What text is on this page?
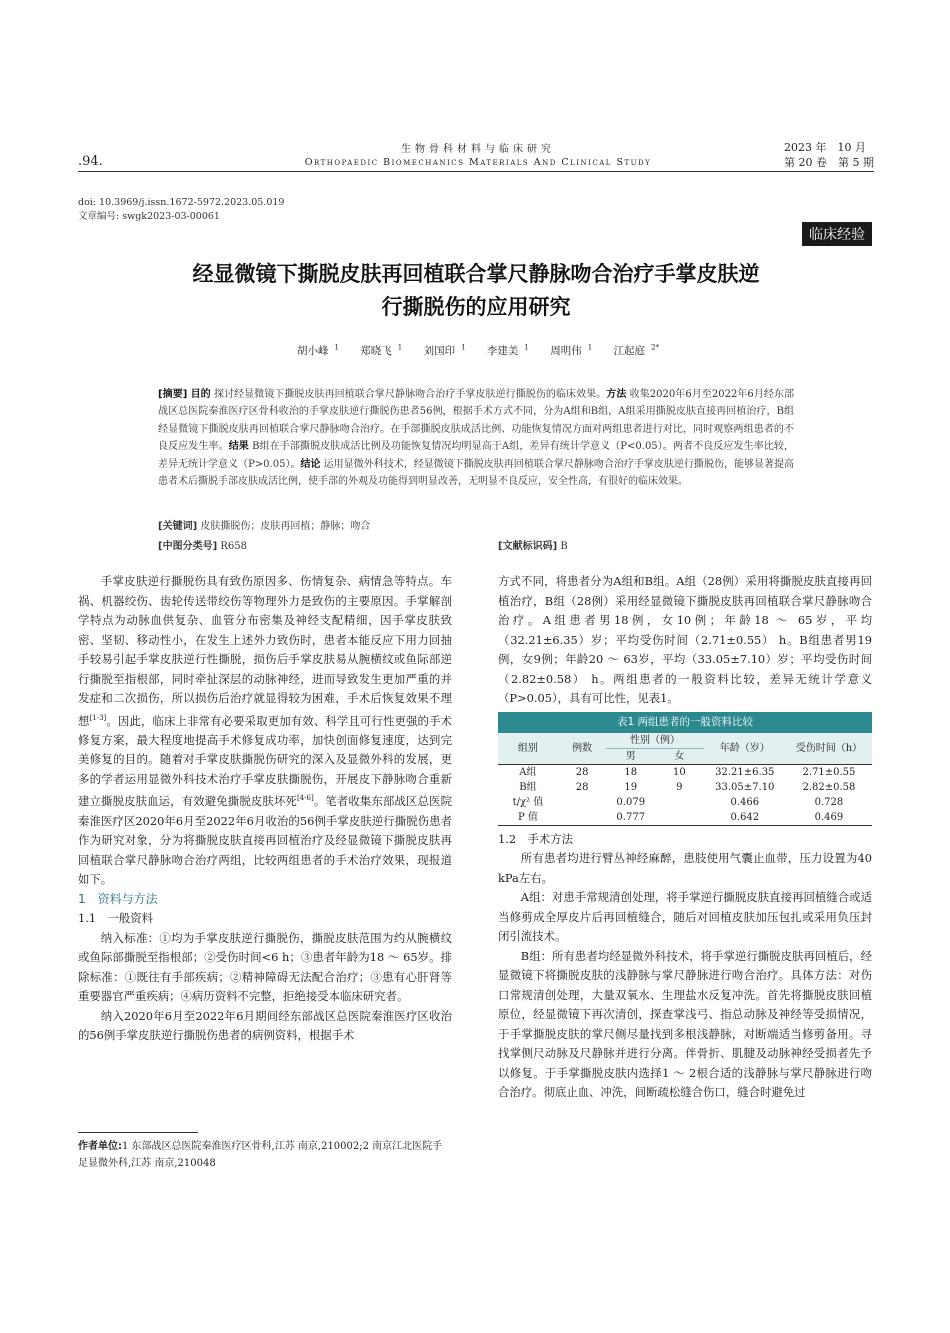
.94.
生物骨科材料与临床研究
Orthopaedic Biomechanics Materials And Clinical Study
2023 年　10 月
第 20 卷　第 5 期
doi: 10.3969/j.issn.1672-5972.2023.05.019
文章编号: swgk2023-03-00061
临床经验
经显微镜下撕脱皮肤再回植联合掌尺静脉吻合治疗手掌皮肤逆
行撕脱伤的应用研究
胡小峰 $^1$ 郑晓飞 $^1$ 刘国印 $^1$ 李建美 $^1$ 周明伟 $^1$ 江起庭 $^{2*}$
[摘要] 目的 探讨经显微镜下撕脱皮肤再回植联合掌尺静脉吻合治疗手掌皮肤逆行撕脱伤的临床效果。方法 收集2020年6月至2022年6月经东部战区总医院秦淮医疗区骨科收治的手掌皮肤逆行撕脱伤患者56例，根据手术方式不同，分为A组和B组，A组采用撕脱皮肤直接再回植治疗，B组经显微镜下撕脱皮肤再回植联合掌尺静脉吻合治疗。在手部撕脱皮肤成活比例、功能恢复情况方面对两组患者进行对比，同时观察两组患者的不良反应发生率。结果 B组在手部撕脱皮肤成活比例及功能恢复情况均明显高于A组，差异有统计学意义（P<0.05）。两者不良反应发生率比较，差异无统计学意义（P>0.05）。结论 运用显微外科技术，经显微镜下撕脱皮肤再回植联合掌尺静脉吻合治疗手掌皮肤逆行撕脱伤，能够显著提高患者术后撕脱手部皮肤成活比例，使手部的外观及功能得到明显改善，无明显不良反应，安全性高，有很好的临床效果。
[关键词] 皮肤撕脱伤；皮肤再回植；静脉；吻合
[中图分类号] R658	[文献标识码] B

手掌皮肤逆行撕脱伤具有致伤原因多、伤情复杂、病情急等特点。车祸、机器绞伤、齿轮传送带绞伤等物理外力是致伤的主要原因。手掌解剖学特点为动脉血供复杂、血管分布密集及神经支配精细，因手掌皮肤致密、坚韧、移动性小，在发生上述外力致伤时，患者本能反应下用力回抽手较易引起手掌皮肤逆行性撕脱，损伤后手掌皮肤易从腕横纹或鱼际部逆行撕脱至指根部，同时牵扯深层的动脉神经，进而导致发生更加严重的并发症和二次损伤，所以损伤后治疗就显得较为困难，手术后恢复效果不理想[1-3]。因此，临床上非常有必要采取更加有效、科学且可行性更强的手术修复方案，最大程度地提高手术修复成功率，加快创面修复速度，达到完美修复的目的。随着对手掌皮肤撕脱伤研究的深入及显微外科的发展，更多的学者运用显微外科技术治疗手掌皮肤撕脱伤，开展皮下静脉吻合重新建立撕脱皮肤血运，有效避免撕脱皮肤坏死[4-6]。笔者收集东部战区总医院秦淮医疗区2020年6月至2022年6月收治的56例手掌皮肤逆行撕脱伤患者作为研究对象，分为将撕脱皮肤直接再回植治疗及经显微镜下撕脱皮肤再回植联合掌尺静脉吻合治疗两组，比较两组患者的手术治疗效果，现报道如下。

1　资料与方法

1.1　一般资料

纳入标准：①均为手掌皮肤逆行撕脱伤，撕脱皮肤范围为约从腕横纹或鱼际部撕脱至指根部；②受伤时间<6 h；③患者年龄为18 ～ 65岁。排除标准：①既往有手部疾病；②精神障碍无法配合治疗；③患有心肝肾等重要器官严重疾病；④病历资料不完整，拒绝接受本临床研究者。

纳入2020年6月至2022年6月期间经东部战区总医院秦淮医疗区收治的56例手掌皮肤逆行撕脱伤患者的病例资料，根据手术

方式不同，将患者分为A组和B组。A组（28例）采用将撕脱皮肤直接再回植治疗，B组（28例）采用经显微镜下撕脱皮肤再回植联合掌尺静脉吻合治疗。A组患者男18例，女10例；年龄18 ～ 65岁，平均（32.21±6.35）岁；平均受伤时间（2.71±0.55） h。B组患者男19例，女9例；年龄20 ～ 63岁，平均（33.05±7.10）岁；平均受伤时间（2.82±0.58） h。两组患者的一般资料比较，差异无统计学意义（P>0.05），具有可比性，见表1。

表1 两组患者的一般资料比较
组别	例数	性别（例）		年龄（岁）	受伤时间（h）
		男	女		
A组	28	18	10	32.21±6.35	2.71±0.55
B组	28	19	9	33.05±7.10	2.82±0.58
t/χ² 值	0.079			0.466	0.728
P 值	0.777			0.642	0.469

1.2　手术方法

所有患者均进行臂丛神经麻醉，患肢使用气囊止血带，压力设置为40 kPa左右。

A组：对患手常规清创处理，将手掌逆行撕脱皮肤直接再回植缝合或适当修剪成全厚皮片后再回植缝合，随后对回植皮肤加压包扎或采用负压封闭引流技术。

B组：所有患者均经显微外科技术，将手掌逆行撕脱皮肤再回植后，经显微镜下将撕脱皮肤的浅静脉与掌尺静脉进行吻合治疗。具体方法：对伤口常规清创处理，大量双氧水、生理盐水反复冲洗。首先将撕脱皮肤回植原位，经显微镜下再次清创，探查掌浅弓、指总动脉及神经等受损情况，于手掌撕脱皮肤的掌尺侧尽量找到多根浅静脉，对断端适当修剪备用。寻找掌侧尺动脉及尺静脉并进行分离。伴骨折、肌腱及动脉神经受损者先予以修复。于手掌撕脱皮肤内选择1 ～ 2根合适的浅静脉与掌尺静脉进行吻合治疗。彻底止血、冲洗，间断疏松缝合伤口，缝合时避免过

作者单位:1 东部战区总医院秦淮医疗区骨科,江苏 南京,210002;2 南京江北医院手足显微外科,江苏 南京,210048
